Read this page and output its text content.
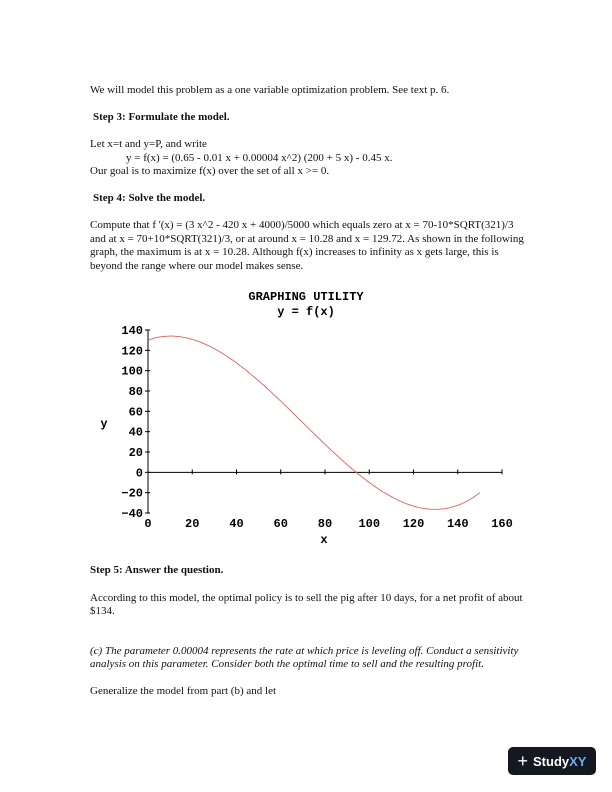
We will model this problem as a one variable optimization problem. See text p. 6.

Step 3: Formulate the model.

Let x=t and y=P, and write

y = f(x) = (0.65 - 0.01 x + 0.00004 x^2) (200 + 5 x) - 0.45 x.
Our goal is to maximize f(x) over the set of all x >= 0.

Step 4: Solve the model.

Compute that f '(x) = (3 x^2 - 420 x + 4000)/5000 which equals zero at x = 70-10*SQRT(321)/3 and at x = 70+10*SQRT(321)/3, or at around x = 10.28 and x = 129.72. As shown in the following graph, the maximum is at x = 10.28. Although f(x) increases to infinity as x gets large, this is beyond the range where our model makes sense.

GRAPHING UTILITY
y = f(x)
y
x
−40
−20
0
20
40
60
80
100
120
140
0	20 40 60 80 100 120 140 160

Step 5: Answer the question.

According to this model, the optimal policy is to sell the pig after 10 days, for a net profit of about $134.

(c) The parameter 0.00004 represents the rate at which price is leveling off. Conduct a sensitivity analysis on this parameter. Consider both the optimal time to sell and the resulting profit.

Generalize the model from part (b) and let

+ StudyXY
